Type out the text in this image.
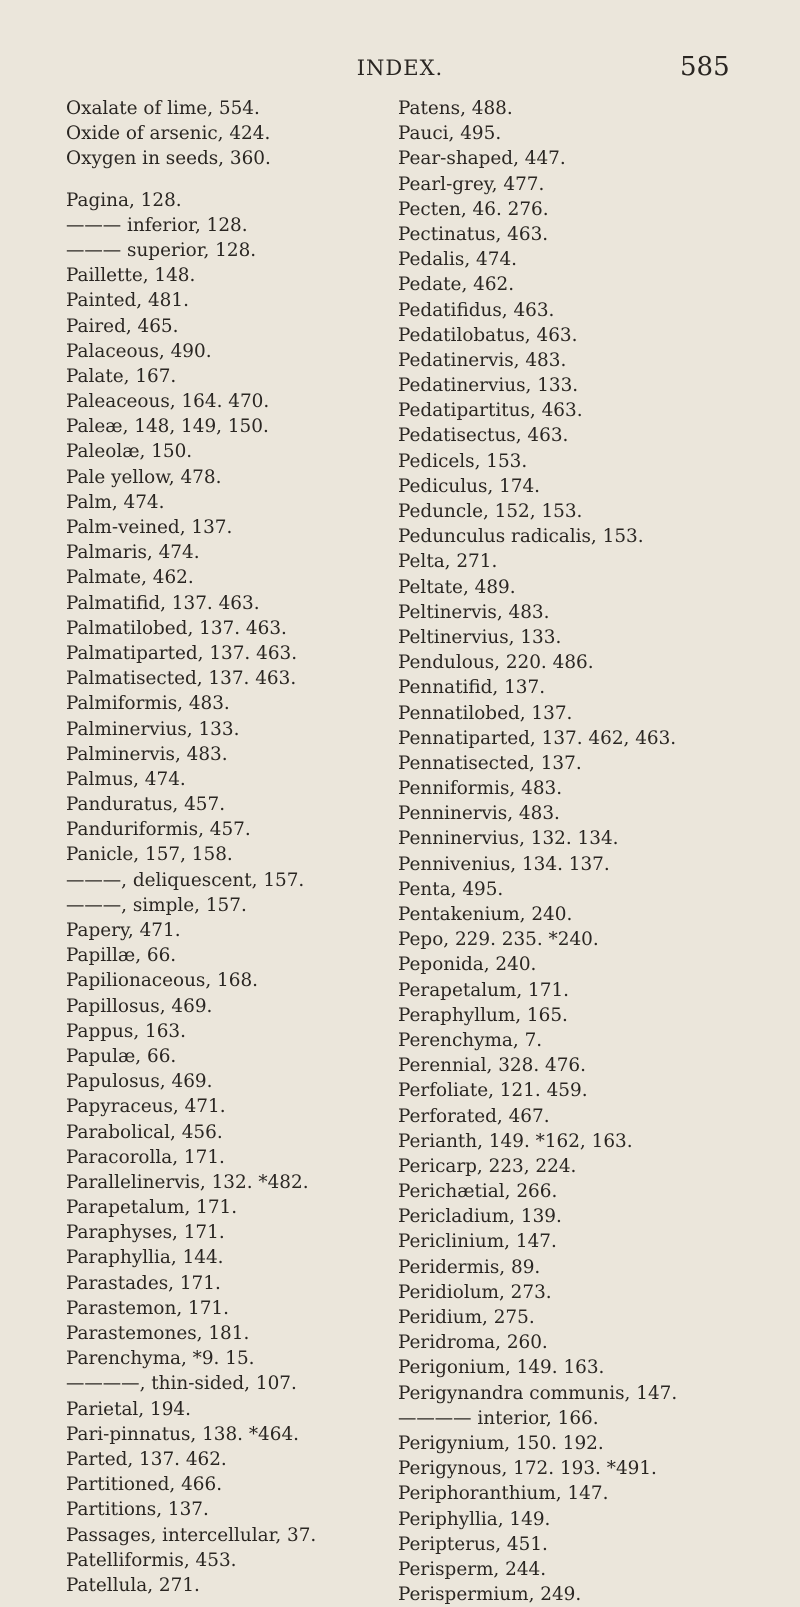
INDEX.	585
Oxalate of lime, 554.
Oxide of arsenic, 424.
Oxygen in seeds, 360.
Pagina, 128.
——— inferior, 128.
——— superior, 128.
Paillette, 148.
Painted, 481.
Paired, 465.
Palaceous, 490.
Palate, 167.
Paleaceous, 164. 470.
Paleæ, 148, 149, 150.
Paleolæ, 150.
Pale yellow, 478.
Palm, 474.
Palm-veined, 137.
Palmaris, 474.
Palmate, 462.
Palmatifid, 137. 463.
Palmatilobed, 137. 463.
Palmatiparted, 137. 463.
Palmatisected, 137. 463.
Palmiformis, 483.
Palminervius, 133.
Palminervis, 483.
Palmus, 474.
Panduratus, 457.
Panduriformis, 457.
Panicle, 157, 158.
———, deliquescent, 157.
———, simple, 157.
Papery, 471.
Papillæ, 66.
Papilionaceous, 168.
Papillosus, 469.
Pappus, 163.
Papulæ, 66.
Papulosus, 469.
Papyraceus, 471.
Parabolical, 456.
Paracorolla, 171.
Parallelinervis, 132. *482.
Parapetalum, 171.
Paraphyses, 171.
Paraphyllia, 144.
Parastades, 171.
Parastemon, 171.
Parastemones, 181.
Parenchyma, *9. 15.
————, thin-sided, 107.
Parietal, 194.
Pari-pinnatus, 138. *464.
Parted, 137. 462.
Partitioned, 466.
Partitions, 137.
Passages, intercellular, 37.
Patelliformis, 453.
Patellula, 271.
Patens, 488.
Pauci, 495.
Pear-shaped, 447.
Pearl-grey, 477.
Pecten, 46. 276.
Pectinatus, 463.
Pedalis, 474.
Pedate, 462.
Pedatifidus, 463.
Pedatilobatus, 463.
Pedatinervis, 483.
Pedatinervius, 133.
Pedatipartitus, 463.
Pedatisectus, 463.
Pedicels, 153.
Pediculus, 174.
Peduncle, 152, 153.
Pedunculus radicalis, 153.
Pelta, 271.
Peltate, 489.
Peltinervis, 483.
Peltinervius, 133.
Pendulous, 220. 486.
Pennatifid, 137.
Pennatilobed, 137.
Pennatiparted, 137. 462, 463.
Pennatisected, 137.
Penniformis, 483.
Penninervis, 483.
Penninervius, 132. 134.
Pennivenius, 134. 137.
Penta, 495.
Pentakenium, 240.
Pepo, 229. 235. *240.
Peponida, 240.
Perapetalum, 171.
Peraphyllum, 165.
Perenchyma, 7.
Perennial, 328. 476.
Perfoliate, 121. 459.
Perforated, 467.
Perianth, 149. *162, 163.
Pericarp, 223, 224.
Perichætial, 266.
Pericladium, 139.
Periclinium, 147.
Peridermis, 89.
Peridiolum, 273.
Peridium, 275.
Peridroma, 260.
Perigonium, 149. 163.
Perigynandra communis, 147.
———— interior, 166.
Perigynium, 150. 192.
Perigynous, 172. 193. *491.
Periphoranthium, 147.
Periphyllia, 149.
Peripterus, 451.
Perisperm, 244.
Perispermium, 249.
